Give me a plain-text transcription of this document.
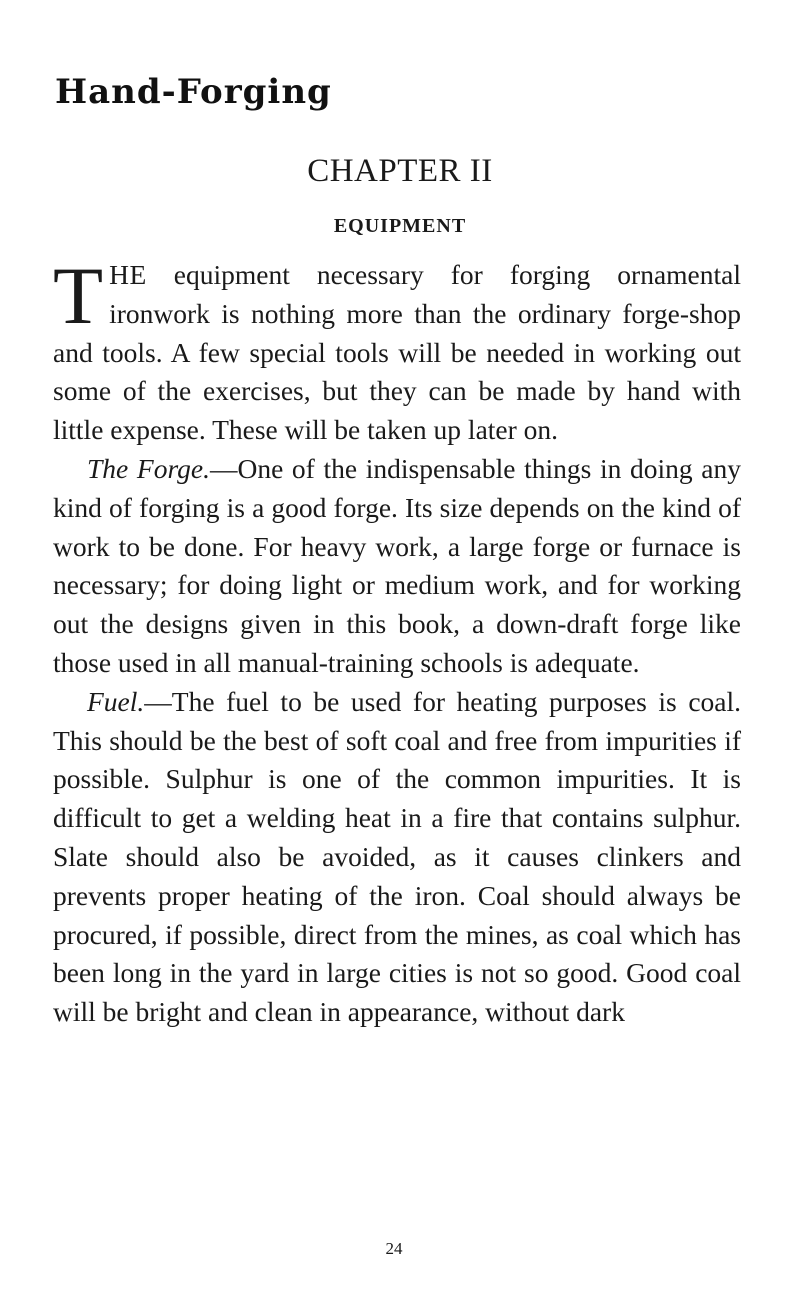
Hand-Forging
CHAPTER II
EQUIPMENT

THE equipment necessary for forging ornamental ironwork is nothing more than the ordinary forge-shop and tools. A few special tools will be needed in working out some of the exercises, but they can be made by hand with little expense. These will be taken up later on.

The Forge.—One of the indispensable things in doing any kind of forging is a good forge. Its size depends on the kind of work to be done. For heavy work, a large forge or furnace is necessary; for doing light or medium work, and for working out the designs given in this book, a down-draft forge like those used in all manual-training schools is adequate.

Fuel.—The fuel to be used for heating purposes is coal. This should be the best of soft coal and free from impurities if possible. Sulphur is one of the common impurities. It is difficult to get a welding heat in a fire that contains sulphur. Slate should also be avoided, as it causes clinkers and prevents proper heating of the iron. Coal should always be procured, if possible, direct from the mines, as coal which has been long in the yard in large cities is not so good. Good coal will be bright and clean in appearance, without dark

24
